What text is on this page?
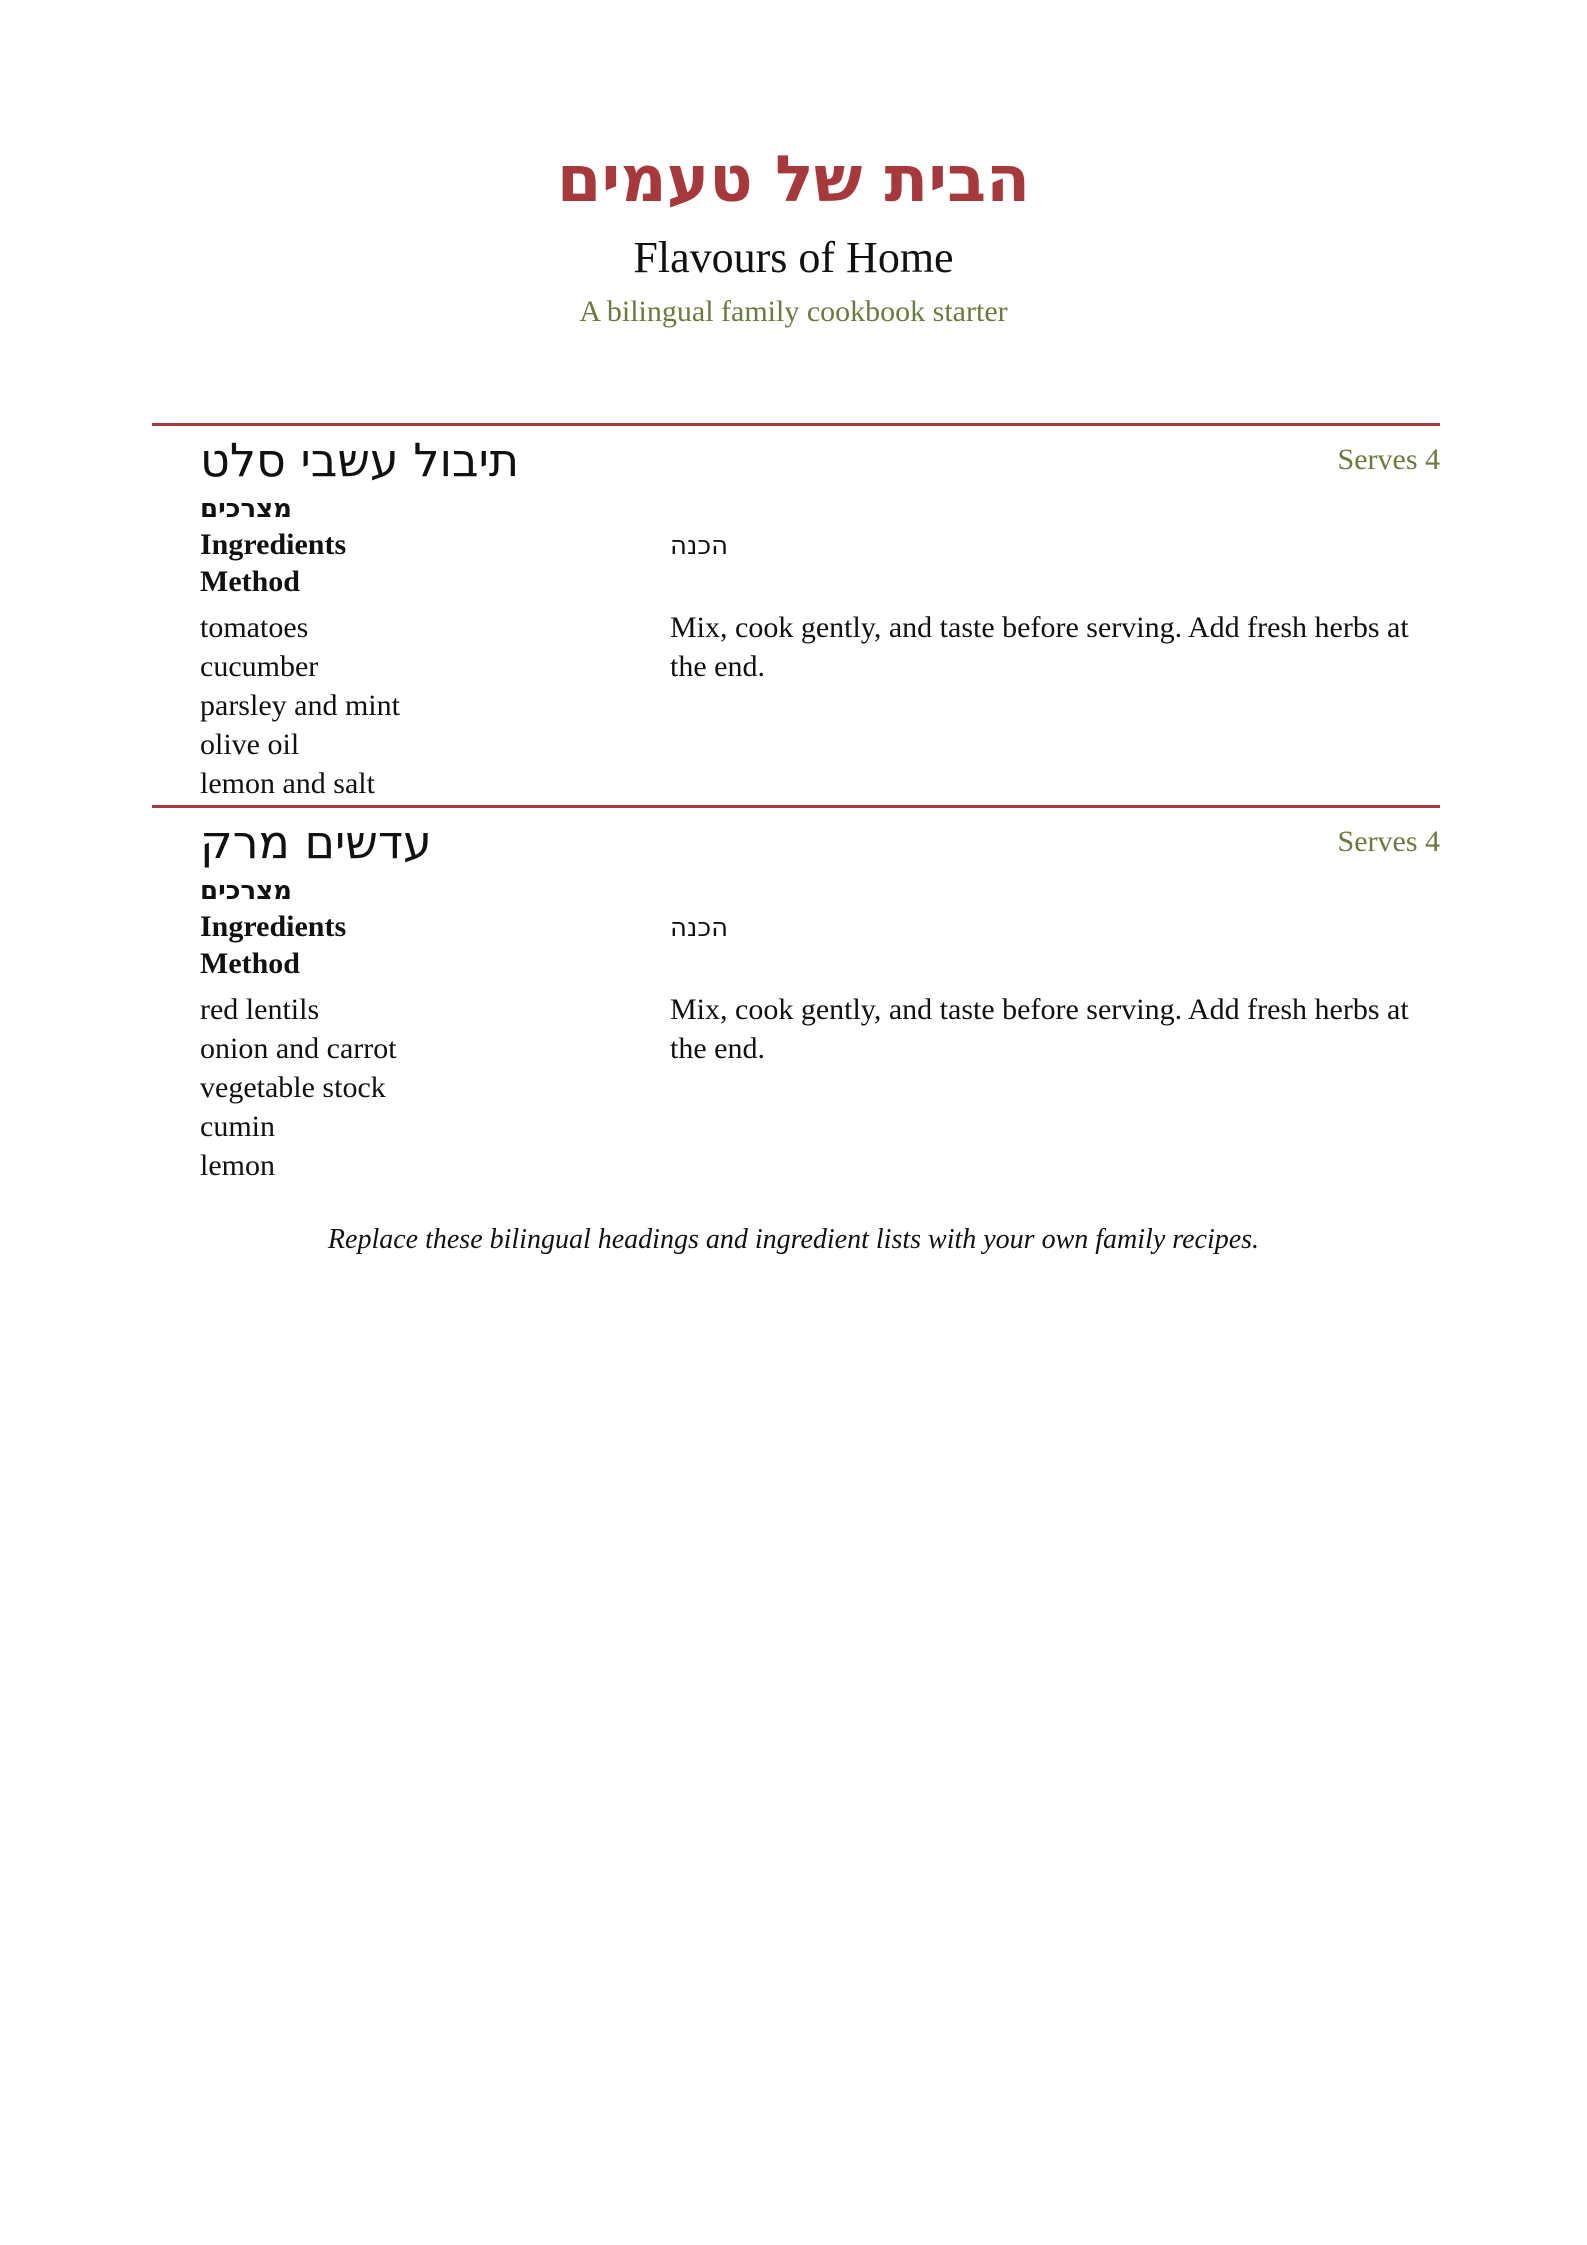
הבית של טעמים
Flavours of Home
A bilingual family cookbook starter
תיבול עשבי סלט	Serves 4
מצרכים
Ingredients
Method
הכנה
tomatoes
cucumber
parsley and mint
olive oil
lemon and salt
Mix, cook gently, and taste before serving. Add fresh herbs at the end.
עדשים מרק	Serves 4
מצרכים
Ingredients
Method
הכנה
red lentils
onion and carrot
vegetable stock
cumin
lemon
Mix, cook gently, and taste before serving. Add fresh herbs at the end.
Replace these bilingual headings and ingredient lists with your own family recipes.
